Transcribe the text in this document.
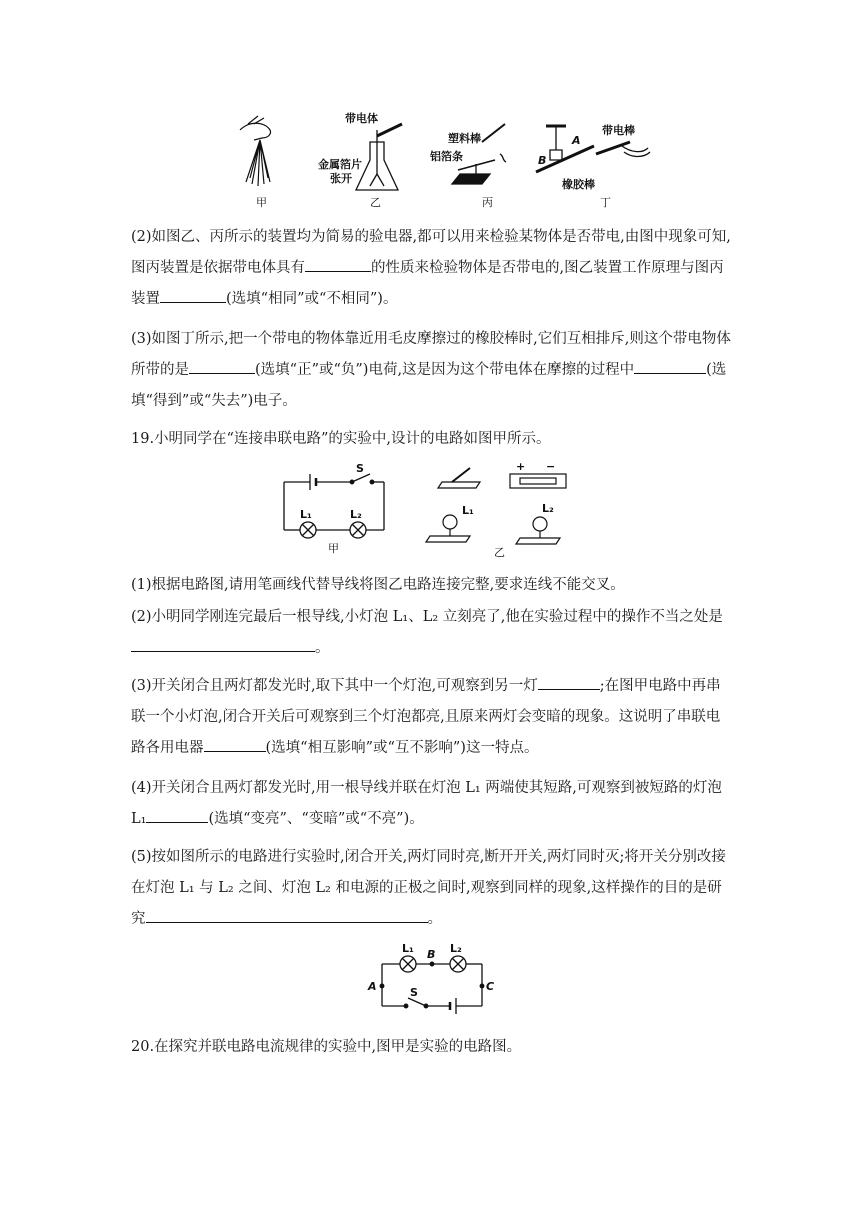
甲
带电体
金属箔片
张开
乙
塑料棒
铝箔条
丙
B
A
带电棒
橡胶棒
丁

(2)如图乙、丙所示的装置均为简易的验电器,都可以用来检验某物体是否带电,由图中现象可知,图丙装置是依据带电体具有	的性质来检验物体是否带电的,图乙装置工作原理与图丙装置	(选填“相同”或“不相同”)。

(3)如图丁所示,把一个带电的物体靠近用毛皮摩擦过的橡胶棒时,它们互相排斥,则这个带电物体所带的是	(选填“正”或“负”)电荷,这是因为这个带电体在摩擦的过程中	(选填“得到”或“失去”)电子。

19.小明同学在“连接串联电路”的实验中,设计的电路如图甲所示。

S
L₁	L₂
甲
+ −
L₁	L₂
乙

(1)根据电路图,请用笔画线代替导线将图乙电路连接完整,要求连线不能交叉。

(2)小明同学刚连完最后一根导线,小灯泡 L₁、L₂ 立刻亮了,他在实验过程中的操作不当之处是。

(3)开关闭合且两灯都发光时,取下其中一个灯泡,可观察到另一灯	;在图甲电路中再串联一个小灯泡,闭合开关后可观察到三个灯泡都亮,且原来两灯会变暗的现象。这说明了串联电路各用电器	(选填“相互影响”或“互不影响”)这一特点。

(4)开关闭合且两灯都发光时,用一根导线并联在灯泡 L₁ 两端使其短路,可观察到被短路的灯泡 L₁	(选填“变亮”、“变暗”或“不亮”)。

(5)按如图所示的电路进行实验时,闭合开关,两灯同时亮,断开开关,两灯同时灭;将开关分别改接在灯泡 L₁ 与 L₂ 之间、灯泡 L₂ 和电源的正极之间时,观察到同样的现象,这样操作的目的是研究	。

L₁	L₂
B
A	C
S

20.在探究并联电路电流规律的实验中,图甲是实验的电路图。
